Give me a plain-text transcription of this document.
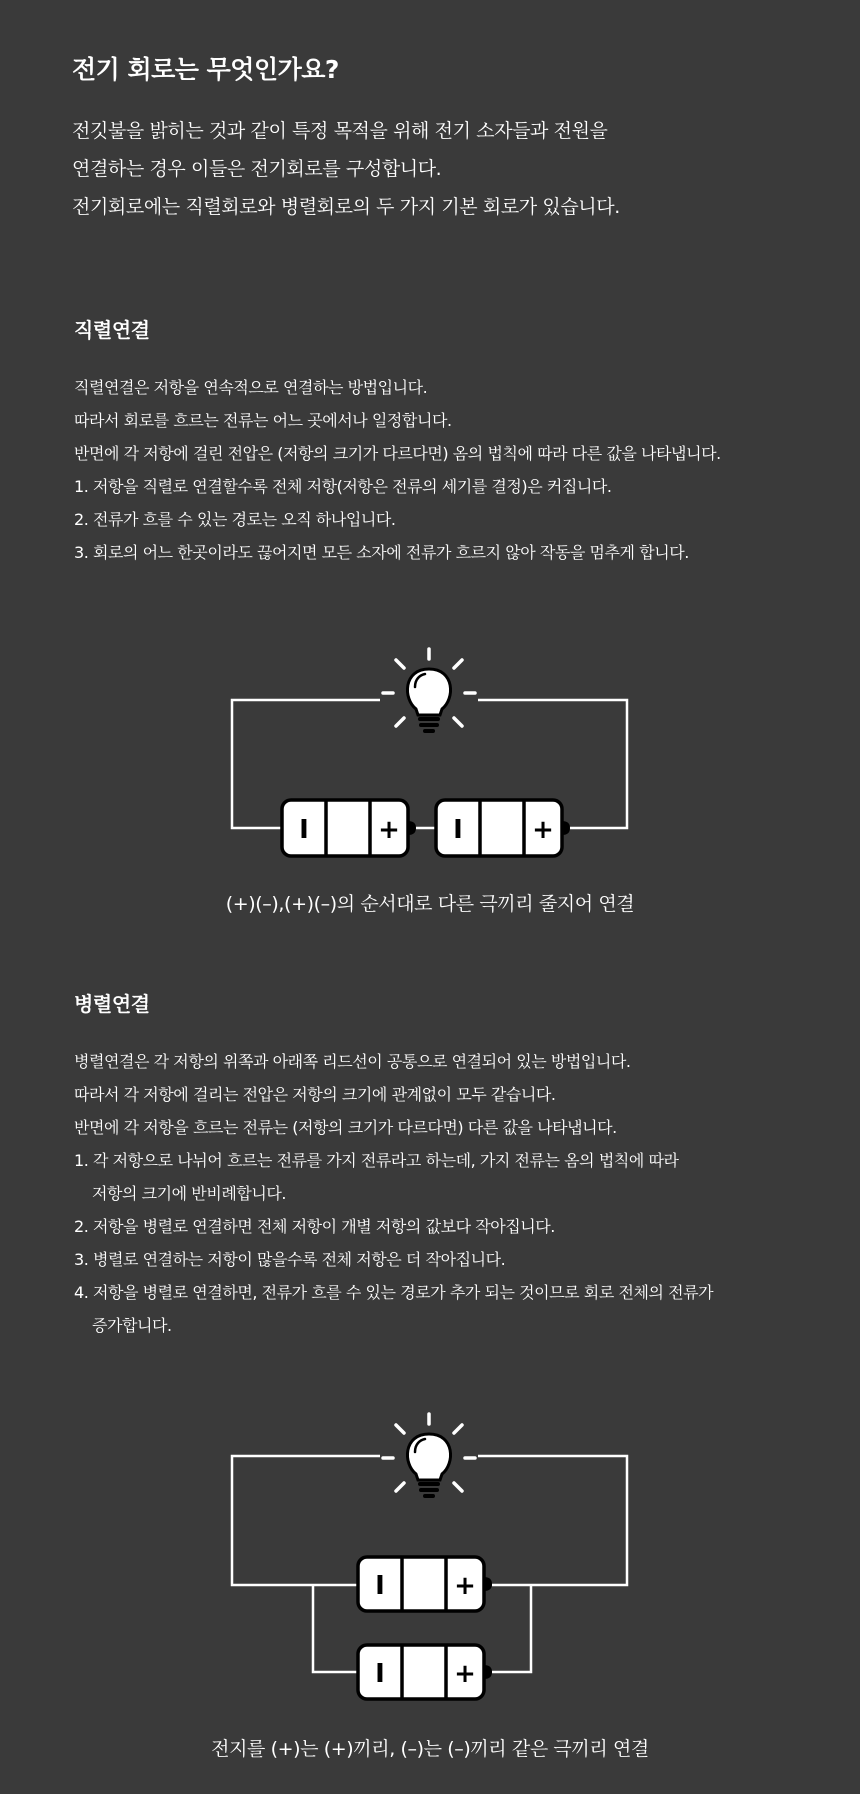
전기 회로는 무엇인가요?
전깃불을 밝히는 것과 같이 특정 목적을 위해 전기 소자들과 전원을
연결하는 경우 이들은 전기회로를 구성합니다.
전기회로에는 직렬회로와 병렬회로의 두 가지 기본 회로가 있습니다.
직렬연결
직렬연결은 저항을 연속적으로 연결하는 방법입니다.
따라서 회로를 흐르는 전류는 어느 곳에서나 일정합니다.
반면에 각 저항에 걸린 전압은 (저항의 크기가 다르다면) 옴의 법칙에 따라 다른 값을 나타냅니다.
1. 저항을 직렬로 연결할수록 전체 저항(저항은 전류의 세기를 결정)은 커집니다.
2. 전류가 흐를 수 있는 경로는 오직 하나입니다.
3. 회로의 어느 한곳이라도 끊어지면 모든 소자에 전류가 흐르지 않아 작동을 멈추게 합니다.
I	+ I	+
(+)(–),(+)(–)의 순서대로 다른 극끼리 줄지어 연결
병렬연결
병렬연결은 각 저항의 위쪽과 아래쪽 리드선이 공통으로 연결되어 있는 방법입니다.
따라서 각 저항에 걸리는 전압은 저항의 크기에 관계없이 모두 같습니다.
반면에 각 저항을 흐르는 전류는 (저항의 크기가 다르다면) 다른 값을 나타냅니다.
1. 각 저항으로 나뉘어 흐르는 전류를 가지 전류라고 하는데, 가지 전류는 옴의 법칙에 따라
저항의 크기에 반비례합니다.
2. 저항을 병렬로 연결하면 전체 저항이 개별 저항의 값보다 작아집니다.
3. 병렬로 연결하는 저항이 많을수록 전체 저항은 더 작아집니다.
4. 저항을 병렬로 연결하면, 전류가 흐를 수 있는 경로가 추가 되는 것이므로 회로 전체의 전류가
증가합니다.
I	+
I	+
전지를 (+)는 (+)끼리, (–)는 (–)끼리 같은 극끼리 연결
